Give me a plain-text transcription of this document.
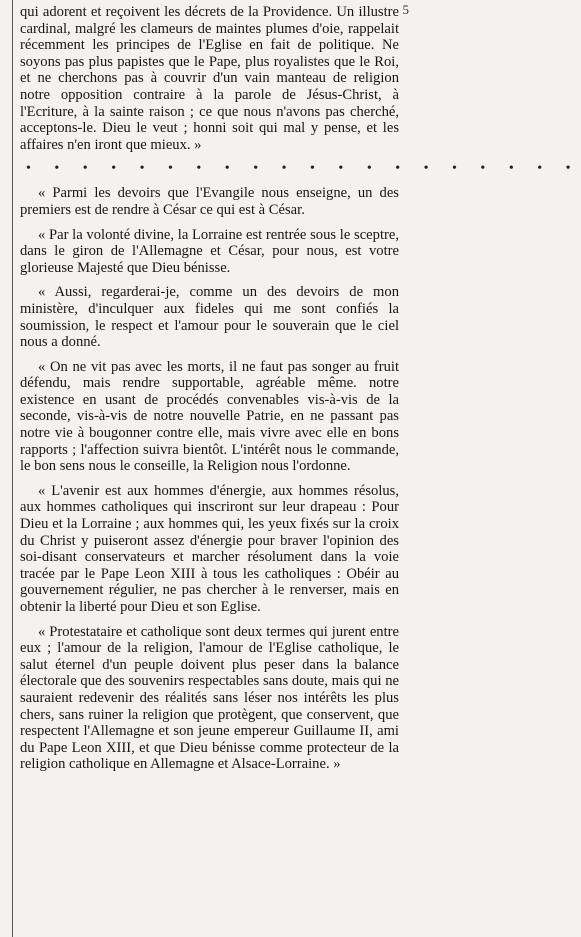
5

qui adorent et reçoivent les décrets de la Providence. Un illustre cardinal, malgré les clameurs de maintes plumes d'oie, rappelait récemment les principes de l'Eglise en fait de politique. Ne soyons pas plus papistes que le Pape, plus royalistes que le Roi, et ne cherchons pas à couvrir d'un vain manteau de religion notre opposition contraire à la parole de Jésus-Christ, à l'Ecriture, à la sainte raison ; ce que nous n'avons pas cherché, acceptons-le. Dieu le veut ; honni soit qui mal y pense, et les affaires n'en iront que mieux. »

• • • • • • • • • • • • • • • • • • • •

« Parmi les devoirs que l'Evangile nous enseigne, un des premiers est de rendre à César ce qui est à César.

« Par la volonté divine, la Lorraine est rentrée sous le sceptre, dans le giron de l'Allemagne et César, pour nous, est votre glorieuse Majesté que Dieu bénisse.

« Aussi, regarderai-je, comme un des devoirs de mon ministère, d'inculquer aux fideles qui me sont confiés la soumission, le respect et l'amour pour le souverain que le ciel nous a donné.

« On ne vit pas avec les morts, il ne faut pas songer au fruit défendu, mais rendre supportable, agréable même. notre existence en usant de procédés convenables vis-à-vis de la seconde, vis-à-vis de notre nouvelle Patrie, en ne passant pas notre vie à bougonner contre elle, mais vivre avec elle en bons rapports ; l'affection suivra bientôt. L'intérêt nous le commande, le bon sens nous le conseille, la Religion nous l'ordonne.

« L'avenir est aux hommes d'énergie, aux hommes résolus, aux hommes catholiques qui inscriront sur leur drapeau : Pour Dieu et la Lorraine ; aux hommes qui, les yeux fixés sur la croix du Christ y puiseront assez d'énergie pour braver l'opinion des soi-disant conservateurs et marcher résolument dans la voie tracée par le Pape Leon XIII à tous les catholiques : Obéir au gouvernement régulier, ne pas chercher à le renverser, mais en obtenir la liberté pour Dieu et son Eglise.

« Protestataire et catholique sont deux termes qui jurent entre eux ; l'amour de la religion, l'amour de l'Eglise catholique, le salut éternel d'un peuple doivent plus peser dans la balance électorale que des souvenirs respectables sans doute, mais qui ne sauraient redevenir des réalités sans léser nos intérêts les plus chers, sans ruiner la religion que protègent, que conservent, que respectent l'Allemagne et son jeune empereur Guillaume II, ami du Pape Leon XIII, et que Dieu bénisse comme protecteur de la religion catholique en Allemagne et Alsace-Lorraine. »
